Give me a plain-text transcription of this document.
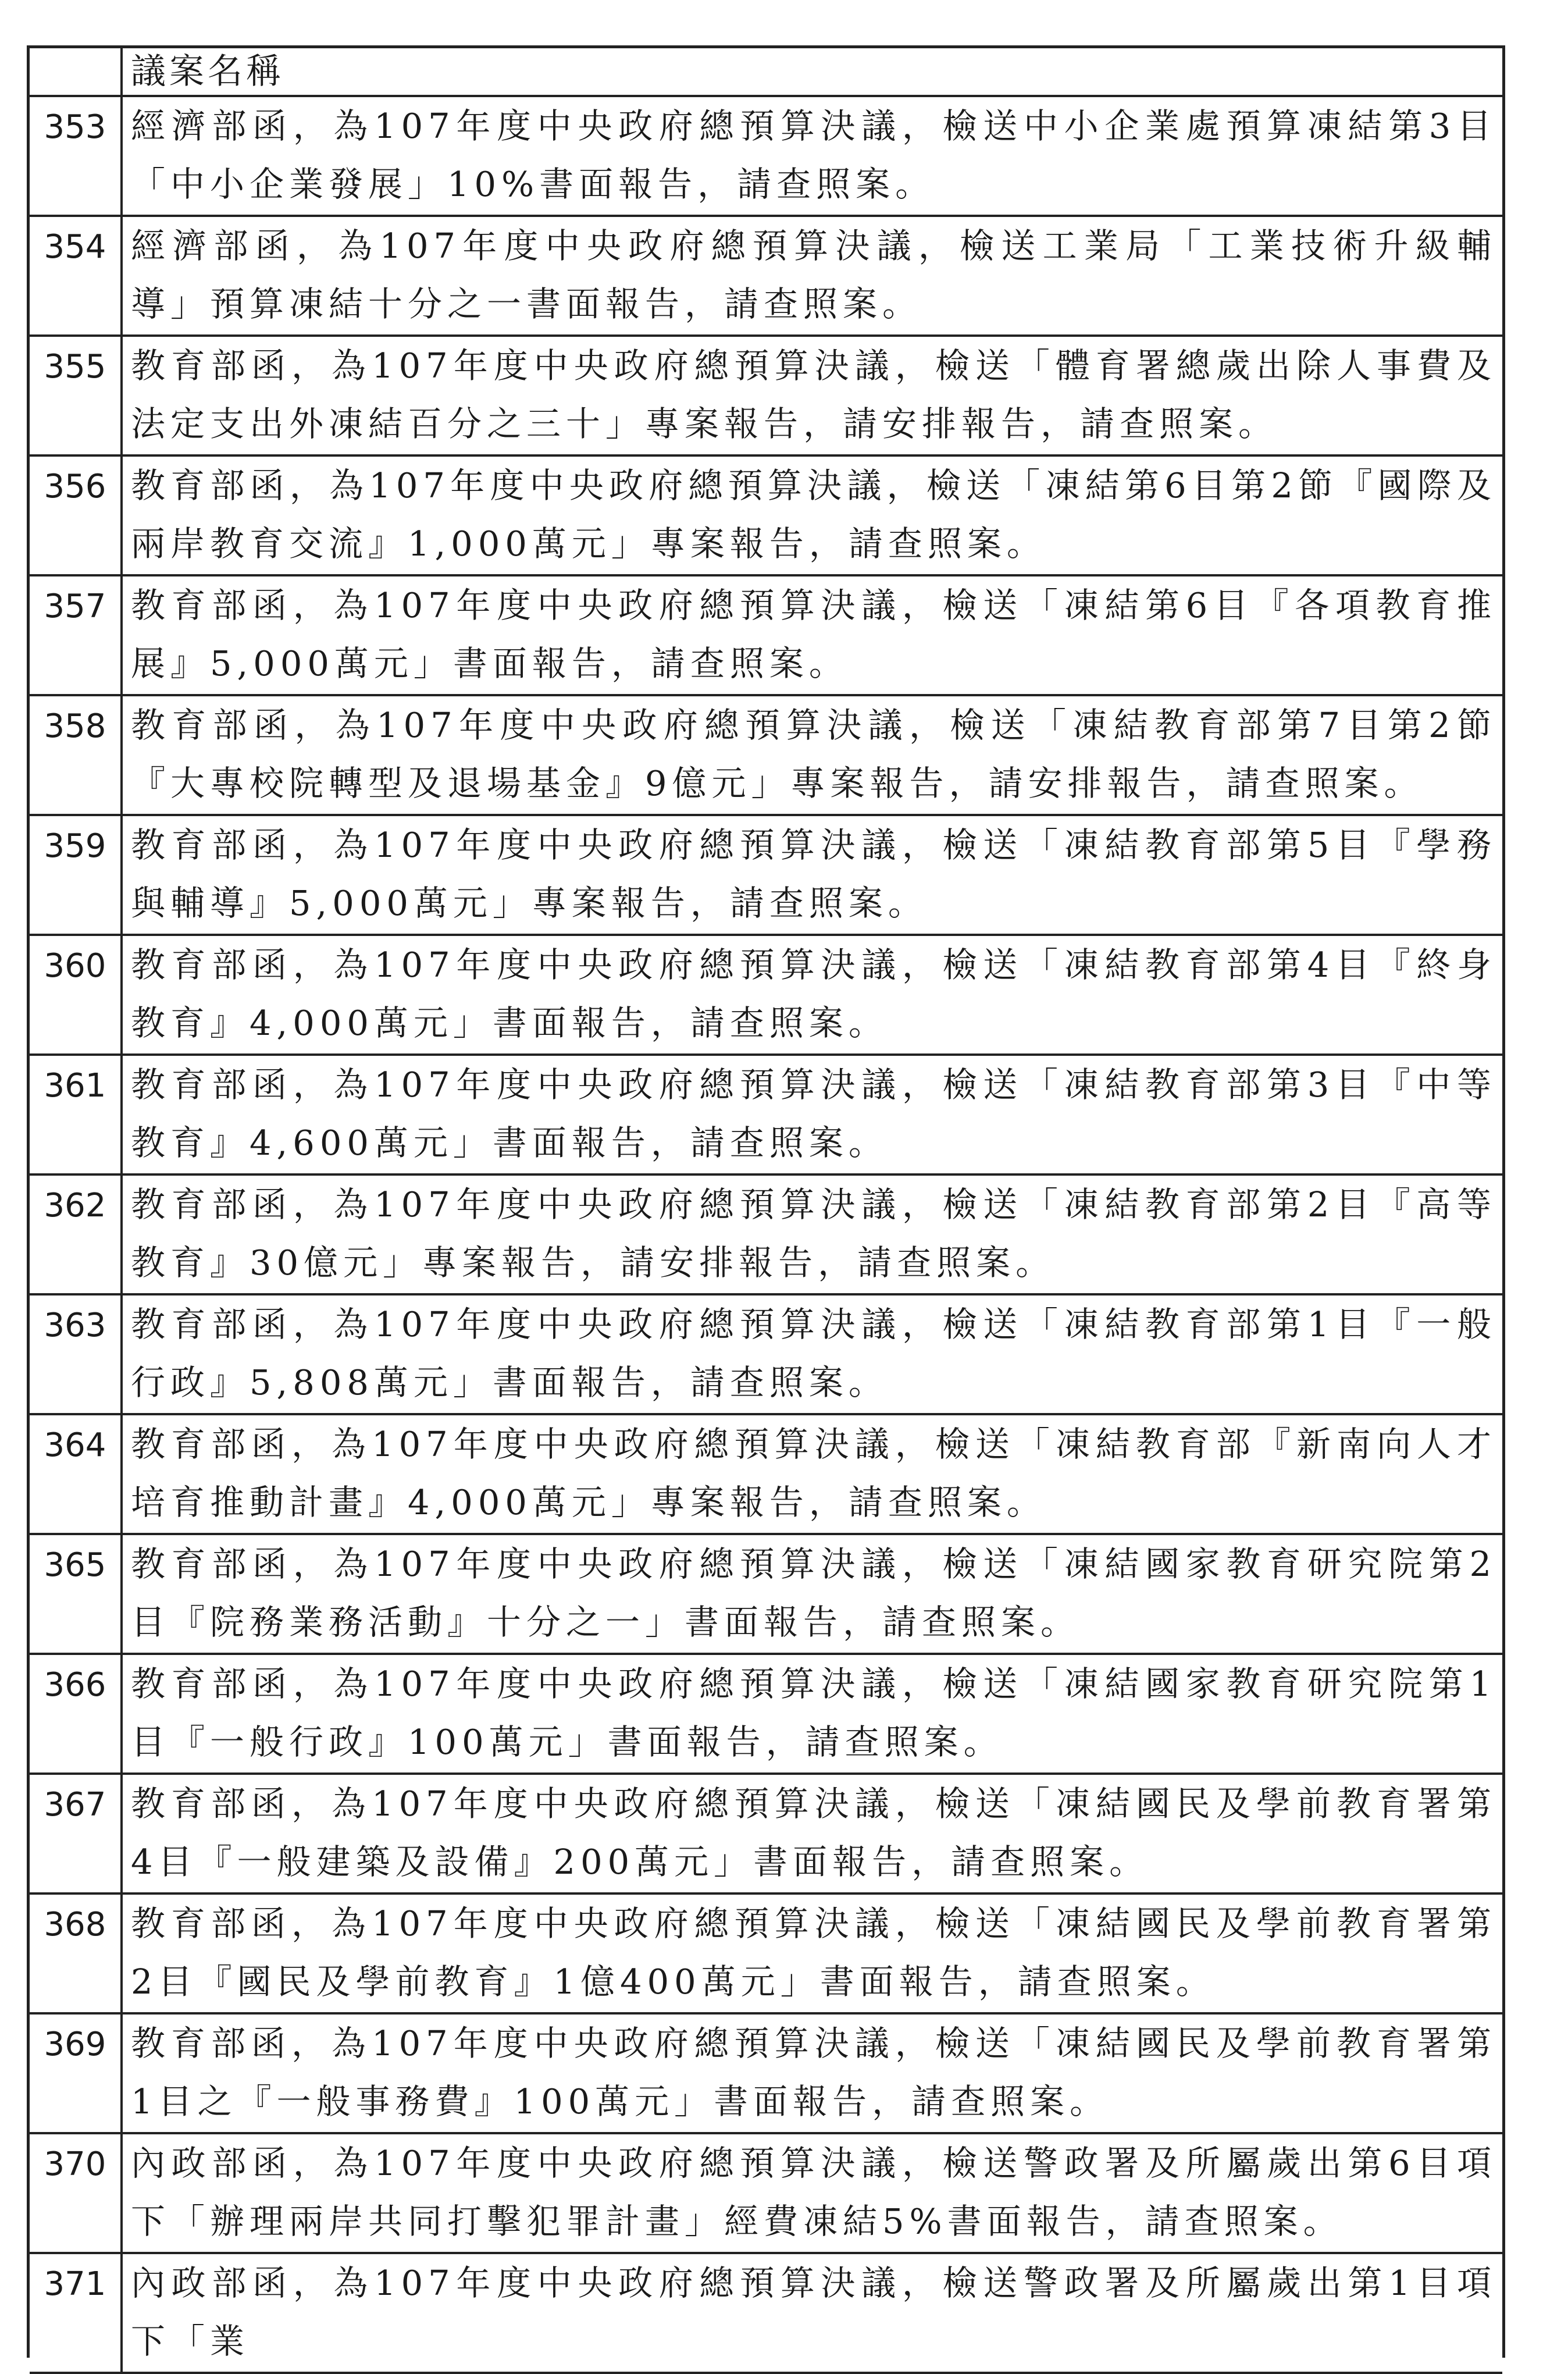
	議案名稱
353	經濟部函，為107年度中央政府總預算決議，檢送中小企業處預算凍結第3目「中小企業發展」10%書面報告，請查照案。
354	經濟部函，為107年度中央政府總預算決議，檢送工業局「工業技術升級輔導」預算凍結十分之一書面報告，請查照案。
355	教育部函，為107年度中央政府總預算決議，檢送「體育署總歲出除人事費及法定支出外凍結百分之三十」專案報告，請安排報告，請查照案。
356	教育部函，為107年度中央政府總預算決議，檢送「凍結第6目第2節『國際及兩岸教育交流』1,000萬元」專案報告，請查照案。
357	教育部函，為107年度中央政府總預算決議，檢送「凍結第6目『各項教育推展』5,000萬元」書面報告，請查照案。
358	教育部函，為107年度中央政府總預算決議，檢送「凍結教育部第7目第2節『大專校院轉型及退場基金』9億元」專案報告，請安排報告，請查照案。
359	教育部函，為107年度中央政府總預算決議，檢送「凍結教育部第5目『學務與輔導』5,000萬元」專案報告，請查照案。
360	教育部函，為107年度中央政府總預算決議，檢送「凍結教育部第4目『終身教育』4,000萬元」書面報告，請查照案。
361	教育部函，為107年度中央政府總預算決議，檢送「凍結教育部第3目『中等教育』4,600萬元」書面報告，請查照案。
362	教育部函，為107年度中央政府總預算決議，檢送「凍結教育部第2目『高等教育』30億元」專案報告，請安排報告，請查照案。
363	教育部函，為107年度中央政府總預算決議，檢送「凍結教育部第1目『一般行政』5,808萬元」書面報告，請查照案。
364	教育部函，為107年度中央政府總預算決議，檢送「凍結教育部『新南向人才培育推動計畫』4,000萬元」專案報告，請查照案。
365	教育部函，為107年度中央政府總預算決議，檢送「凍結國家教育研究院第2目『院務業務活動』十分之一」書面報告，請查照案。
366	教育部函，為107年度中央政府總預算決議，檢送「凍結國家教育研究院第1目『一般行政』100萬元」書面報告，請查照案。
367	教育部函，為107年度中央政府總預算決議，檢送「凍結國民及學前教育署第4目『一般建築及設備』200萬元」書面報告，請查照案。
368	教育部函，為107年度中央政府總預算決議，檢送「凍結國民及學前教育署第2目『國民及學前教育』1億400萬元」書面報告，請查照案。
369	教育部函，為107年度中央政府總預算決議，檢送「凍結國民及學前教育署第1目之『一般事務費』100萬元」書面報告，請查照案。
370	內政部函，為107年度中央政府總預算決議，檢送警政署及所屬歲出第6目項下「辦理兩岸共同打擊犯罪計畫」經費凍結5%書面報告，請查照案。
371	內政部函，為107年度中央政府總預算決議，檢送警政署及所屬歲出第1目項下「業
